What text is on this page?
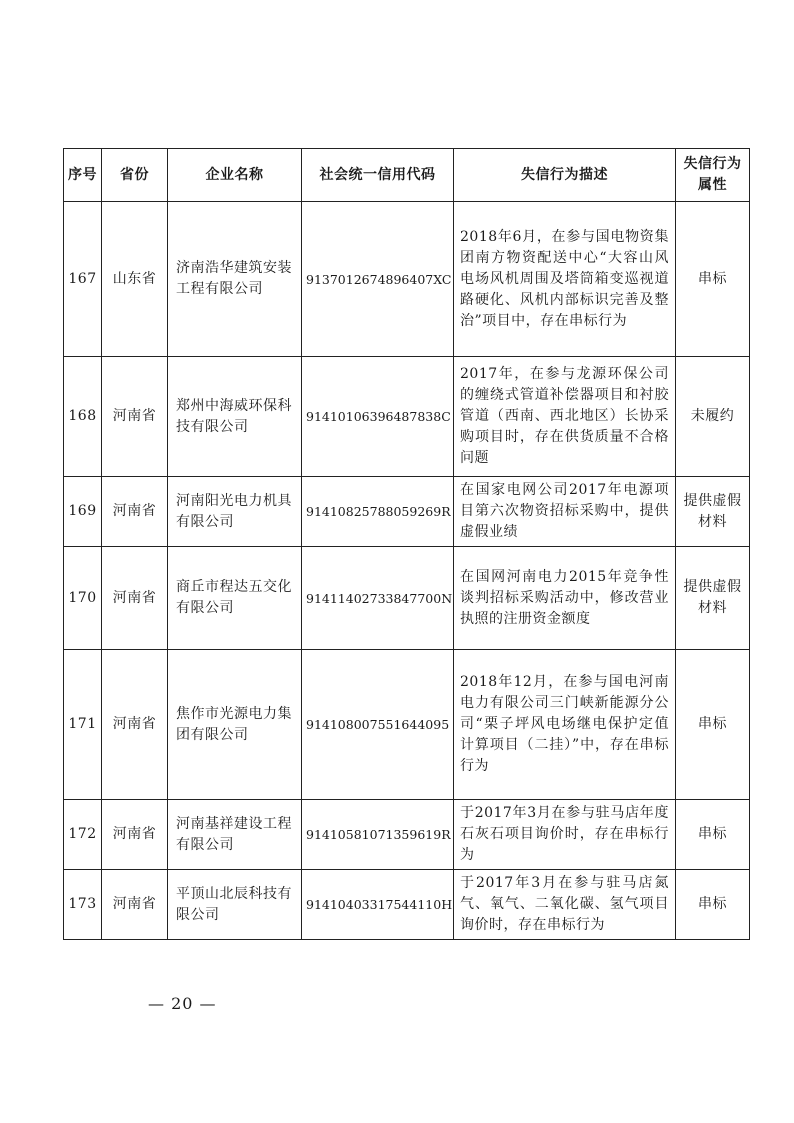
序号	省份	企业名称	社会统一信用代码	失信行为描述	失信行为属性
167	山东省	济南浩华建筑安装工程有限公司	9137012674896407XC	2018年6月，在参与国电物资集团南方物资配送中心“大容山风电场风机周围及塔筒箱变巡视道路硬化、风机内部标识完善及整治”项目中，存在串标行为	串标
168	河南省	郑州中海威环保科技有限公司	91410106396487838C	2017年，在参与龙源环保公司的缠绕式管道补偿器项目和衬胶管道（西南、西北地区）长协采购项目时，存在供货质量不合格问题	未履约
169	河南省	河南阳光电力机具有限公司	9141082578805926​9R	在国家电网公司2017年电源项目第六次物资招标采购中，提供虚假业绩	提供虚假材料
170	河南省	商丘市程达五交化有限公司	91411402733847700N	在国网河南电力2015年竞争性谈判招标采购活动中，修改营业执照的注册资金额度	提供虚假材料
171	河南省	焦作市光源电力集团有限公司	914108007551644095	2018年12月，在参与国电河南电力有限公司三门峡新能源分公司“栗子坪风电场继电保护定值计算项目（二挂）”中，存在串标行为	串标
172	河南省	河南基祥建设工程有限公司	91410581071359619R	于2017年3月在参与驻马店年度石灰石项目询价时，存在串标行为	串标
173	河南省	平顶山北辰科技有限公司	91410403317544110H	于2017年3月在参与驻马店氮气、氧气、二氧化碳、氢气项目询价时，存在串标行为	串标
— 20 —
